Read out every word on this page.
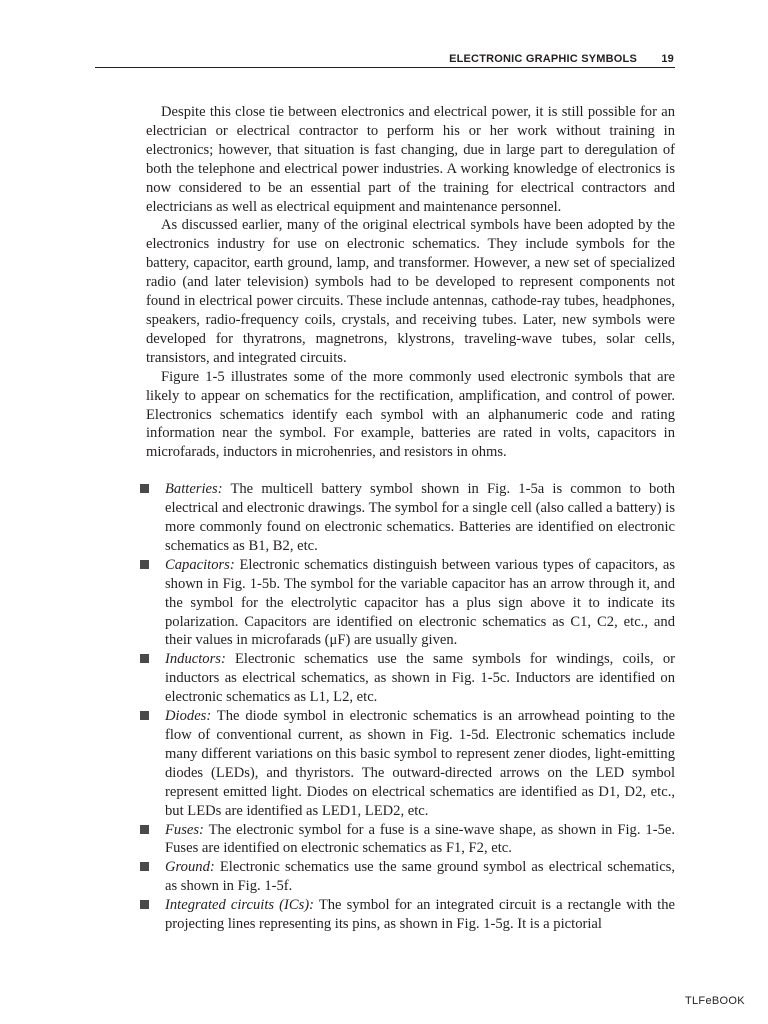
ELECTRONIC GRAPHIC SYMBOLS 19

Despite this close tie between electronics and electrical power, it is still possible for an electrician or electrical contractor to perform his or her work without training in electronics; however, that situation is fast changing, due in large part to deregulation of both the telephone and electrical power industries. A working knowledge of electronics is now considered to be an essential part of the training for electrical contractors and electricians as well as electrical equipment and maintenance personnel.

As discussed earlier, many of the original electrical symbols have been adopted by the electronics industry for use on electronic schematics. They include symbols for the battery, capacitor, earth ground, lamp, and transformer. However, a new set of specialized radio (and later television) symbols had to be developed to represent components not found in electrical power circuits. These include antennas, cathode-ray tubes, headphones, speakers, radio-frequency coils, crystals, and receiving tubes. Later, new symbols were developed for thyratrons, magnetrons, klystrons, traveling-wave tubes, solar cells, transistors, and integrated circuits.

Figure 1-5 illustrates some of the more commonly used electronic symbols that are likely to appear on schematics for the rectification, amplification, and control of power. Electronics schematics identify each symbol with an alphanumeric code and rating information near the symbol. For example, batteries are rated in volts, capacitors in microfarads, inductors in microhenries, and resistors in ohms.

Batteries: The multicell battery symbol shown in Fig. 1-5a is common to both electrical and electronic drawings. The symbol for a single cell (also called a battery) is more commonly found on electronic schematics. Batteries are identified on electronic schematics as B1, B2, etc.
Capacitors: Electronic schematics distinguish between various types of capacitors, as shown in Fig. 1-5b. The symbol for the variable capacitor has an arrow through it, and the symbol for the electrolytic capacitor has a plus sign above it to indicate its polarization. Capacitors are identified on electronic schematics as C1, C2, etc., and their values in microfarads (μF) are usually given.
Inductors: Electronic schematics use the same symbols for windings, coils, or inductors as electrical schematics, as shown in Fig. 1-5c. Inductors are identified on electronic schematics as L1, L2, etc.
Diodes: The diode symbol in electronic schematics is an arrowhead pointing to the flow of conventional current, as shown in Fig. 1-5d. Electronic schematics include many different variations on this basic symbol to represent zener diodes, light-emitting diodes (LEDs), and thyristors. The outward-directed arrows on the LED symbol represent emitted light. Diodes on electrical schematics are identified as D1, D2, etc., but LEDs are identified as LED1, LED2, etc.
Fuses: The electronic symbol for a fuse is a sine-wave shape, as shown in Fig. 1-5e. Fuses are identified on electronic schematics as F1, F2, etc.
Ground: Electronic schematics use the same ground symbol as electrical schematics, as shown in Fig. 1-5f.
Integrated circuits (ICs): The symbol for an integrated circuit is a rectangle with the projecting lines representing its pins, as shown in Fig. 1-5g. It is a pictorial
TLFeBOOK
